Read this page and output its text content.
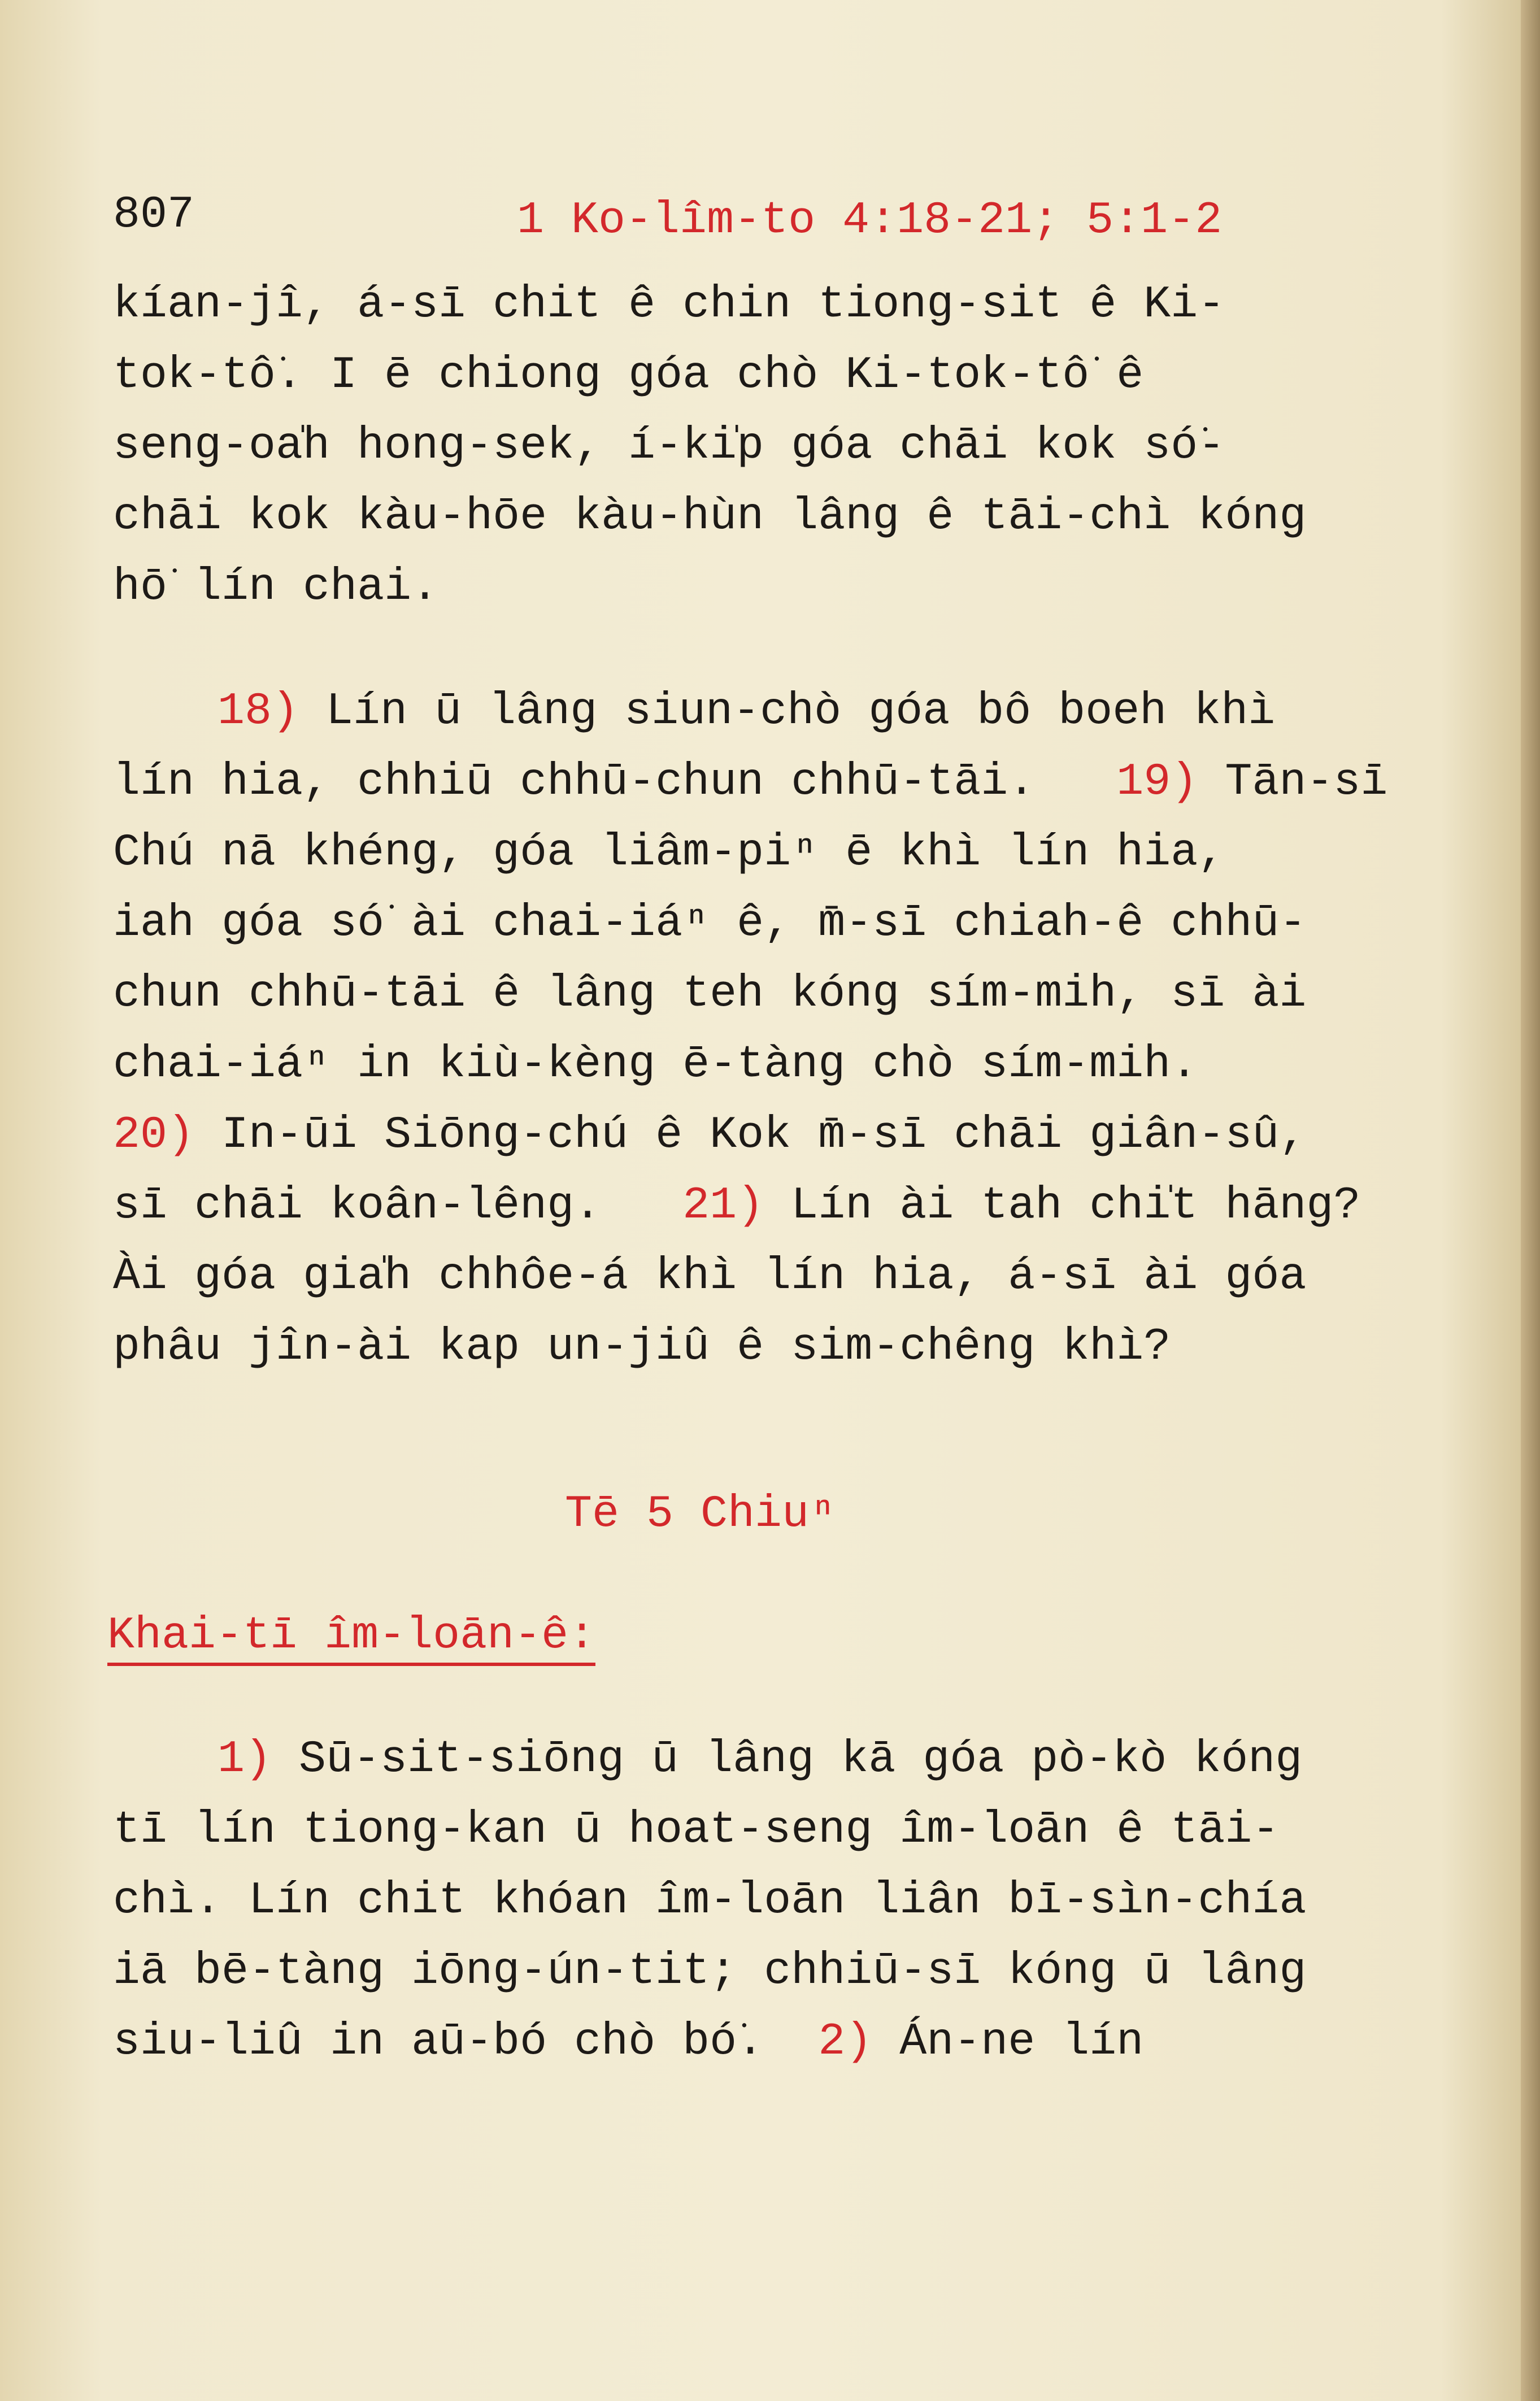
807	1 Ko-lîm-to 4:18-21; 5:1-2
kían-jî, á-sī chit ê chin tiong-sit ê Ki-
tok-tô͘. I ē chiong góa chò Ki-tok-tô͘ ê
seng-oa̍h hong-sek, í-ki̍p góa chāi kok só͘-
chāi kok kàu-hōe kàu-hùn lâng ê tāi-chì kóng
hō͘ lín chai.
18) Lín ū lâng siun-chò góa bô boeh khì
lín hia, chhiū chhū-chun chhū-tāi. 19) Tān-sī
Chú nā khéng, góa liâm-piⁿ ē khì lín hia,
iah góa só͘ ài chai-iáⁿ ê, m̄-sī chiah-ê chhū-
chun chhū-tāi ê lâng teh kóng sím-mih, sī ài
chai-iáⁿ in kiù-kèng ē-tàng chò sím-mih.
20) In-ūi Siōng-chú ê Kok m̄-sī chāi giân-sû,
sī chāi koân-lêng. 21) Lín ài tah chi̍t hāng?
Ài góa gia̍h chhôe-á khì lín hia, á-sī ài góa
phâu jîn-ài kap un-jiû ê sim-chêng khì?
Tē 5 Chiuⁿ
Khai-tī îm-loān-ê:
1) Sū-sit-siōng ū lâng kā góa pò-kò kóng
tī lín tiong-kan ū hoat-seng îm-loān ê tāi-
chì. Lín chit khóan îm-loān liân bī-sìn-chía
iā bē-tàng iōng-ún-tit; chhiū-sī kóng ū lâng
siu-liû in aū-bó chò bó͘. 2) Án-ne lín
